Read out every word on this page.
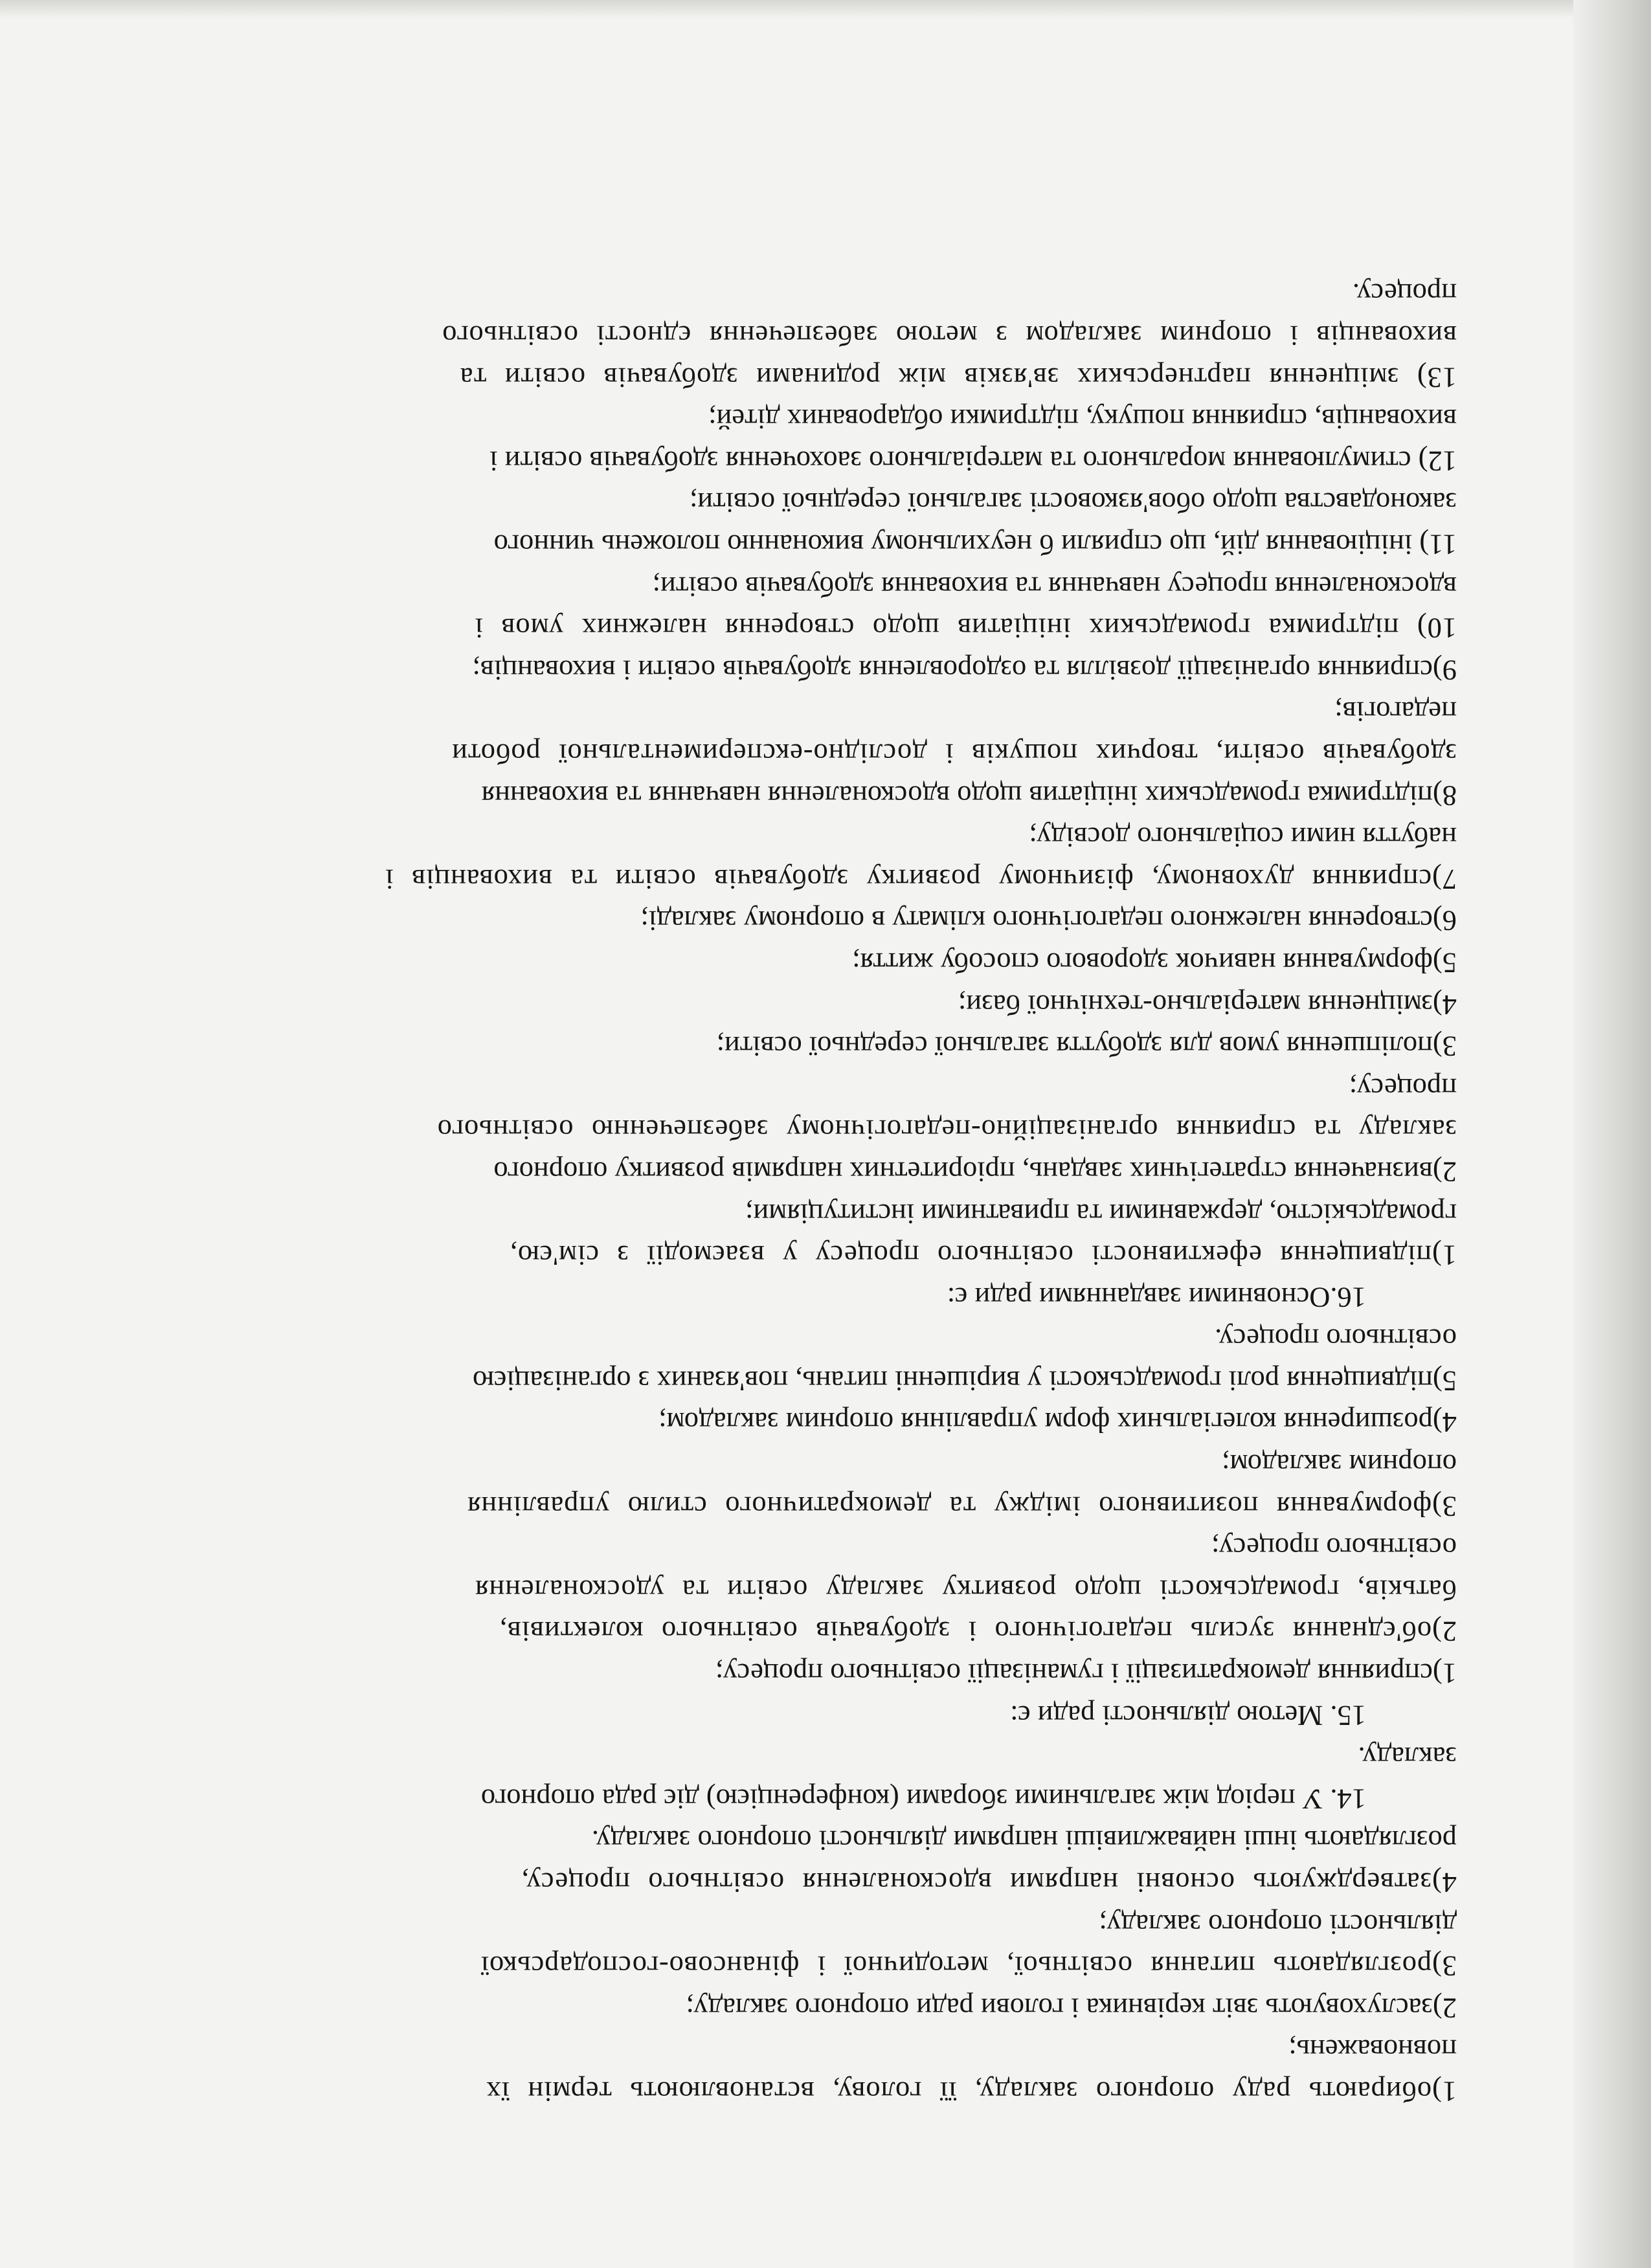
1)обирають раду опорного закладу, її голову, встановлюють термін їх

повноважень;

2)заслуховують звіт керівника і голови ради опорного закладу;

3)розглядають питання освітньої, методичної і фінансово-господарської

діяльності опорного закладу;

4)затверджують основні напрями вдосконалення освітнього процесу,

розглядають інші найважливіші напрями діяльності опорного закладу.

14. У період між загальними зборами (конференцією) діє рада опорного

закладу.

15. Метою діяльності ради є:

1)сприяння демократизації і гуманізації освітнього процесу;

2)об'єднання зусиль педагогічного і здобувачів освітнього колективів,

батьків, громадськості щодо розвитку закладу освіти та удосконалення

освітнього процесу;

3)формування позитивного іміджу та демократичного стилю управління

опорним закладом;

4)розширення колегіальних форм управління опорним закладом;

5)підвищення ролі громадськості у вирішенні питань, пов'язаних з організацією

освітнього процесу.

16.Основними завданнями ради є:

1)підвищення ефективності освітнього процесу у взаємодії з сім'єю,

громадськістю, державними та приватними інституціями;

2)визначення стратегічних завдань, пріоритетних напрямів розвитку опорного

закладу та сприяння організаційно-педагогічному забезпеченню освітнього

процесу;

3)поліпшення умов для здобуття загальної середньої освіти;

4)зміцнення матеріально-технічної бази;

5)формування навичок здорового способу життя;

6)створення належного педагогічного клімату в опорному закладі;

7)сприяння духовному, фізичному розвитку здобувачів освіти та вихованців і

набуття ними соціального досвіду;

8)підтримка громадських ініціатив щодо вдосконалення навчання та виховання

здобувачів освіти, творчих пошуків і дослідно-експериментальної роботи

педагогів;

9)сприяння організації дозвілля та оздоровлення здобувачів освіти і вихованців;

10) підтримка громадських ініціатив щодо створення належних умов і

вдосконалення процесу навчання та виховання здобувачів освіти;

11) ініціювання дій, що сприяли б неухильному виконанню положень чинного

законодавства щодо обов'язковості загальної середньої освіти;

12) стимулювання морального та матеріального заохочення здобувачів освіти і

вихованців, сприяння пошуку, підтримки обдарованих дітей;

13) зміцнення партнерських зв'язків між родинами здобувачів освіти та

вихованців і опорним закладом з метою забезпечення єдності освітнього

процесу.
